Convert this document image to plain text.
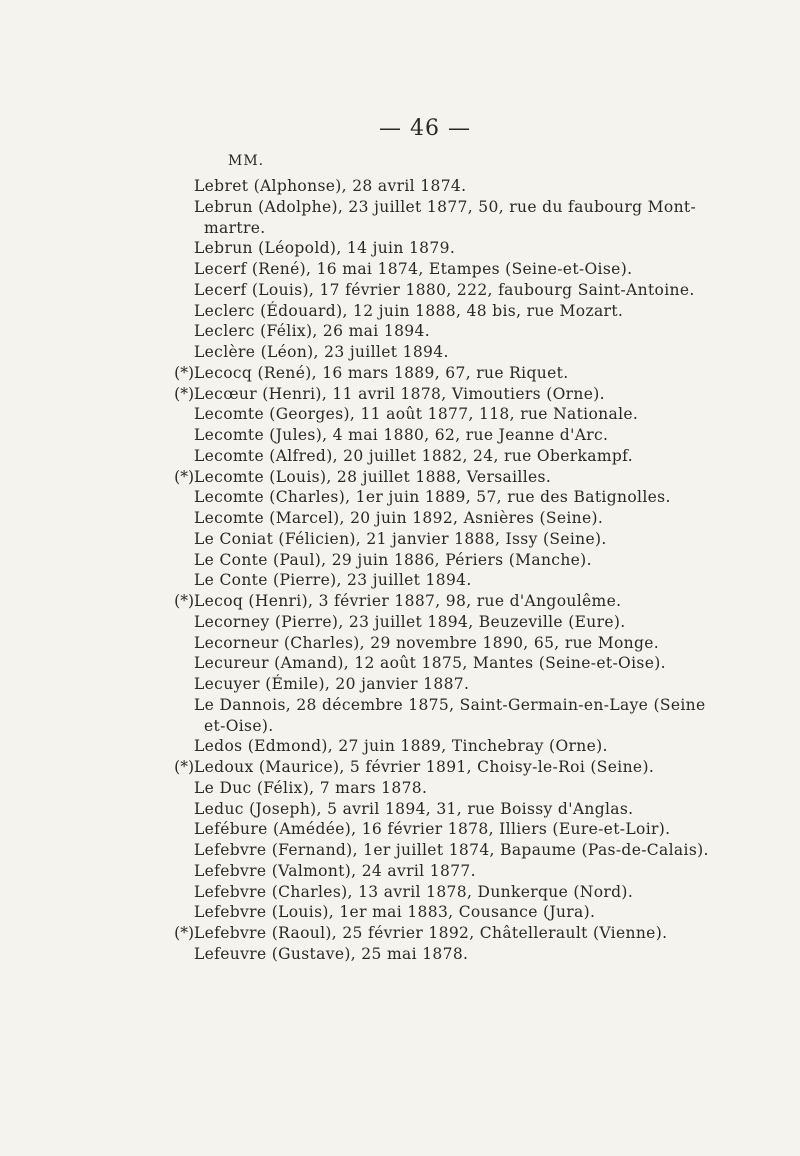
— 46 —
MM.
Lebret (Alphonse), 28 avril 1874.
Lebrun (Adolphe), 23 juillet 1877, 50, rue du faubourg Mont-
martre.
Lebrun (Léopold), 14 juin 1879.
Lecerf (René), 16 mai 1874, Etampes (Seine-et-Oise).
Lecerf (Louis), 17 février 1880, 222, faubourg Saint-Antoine.
Leclerc (Édouard), 12 juin 1888, 48 bis, rue Mozart.
Leclerc (Félix), 26 mai 1894.
Leclère (Léon), 23 juillet 1894.
(*) Lecocq (René), 16 mars 1889, 67, rue Riquet.
(*) Lecœur (Henri), 11 avril 1878, Vimoutiers (Orne).
Lecomte (Georges), 11 août 1877, 118, rue Nationale.
Lecomte (Jules), 4 mai 1880, 62, rue Jeanne d'Arc.
Lecomte (Alfred), 20 juillet 1882, 24, rue Oberkampf.
(*) Lecomte (Louis), 28 juillet 1888, Versailles.
Lecomte (Charles), 1er juin 1889, 57, rue des Batignolles.
Lecomte (Marcel), 20 juin 1892, Asnières (Seine).
Le Coniat (Félicien), 21 janvier 1888, Issy (Seine).
Le Conte (Paul), 29 juin 1886, Périers (Manche).
Le Conte (Pierre), 23 juillet 1894.
(*) Lecoq (Henri), 3 février 1887, 98, rue d'Angoulême.
Lecorney (Pierre), 23 juillet 1894, Beuzeville (Eure).
Lecorneur (Charles), 29 novembre 1890, 65, rue Monge.
Lecureur (Amand), 12 août 1875, Mantes (Seine-et-Oise).
Lecuyer (Émile), 20 janvier 1887.
Le Dannois, 28 décembre 1875, Saint-Germain-en-Laye (Seine
et-Oise).
Ledos (Edmond), 27 juin 1889, Tinchebray (Orne).
(*) Ledoux (Maurice), 5 février 1891, Choisy-le-Roi (Seine).
Le Duc (Félix), 7 mars 1878.
Leduc (Joseph), 5 avril 1894, 31, rue Boissy d'Anglas.
Lefébure (Amédée), 16 février 1878, Illiers (Eure-et-Loir).
Lefebvre (Fernand), 1er juillet 1874, Bapaume (Pas-de-Calais).
Lefebvre (Valmont), 24 avril 1877.
Lefebvre (Charles), 13 avril 1878, Dunkerque (Nord).
Lefebvre (Louis), 1er mai 1883, Cousance (Jura).
(*) Lefebvre (Raoul), 25 février 1892, Châtellerault (Vienne).
Lefeuvre (Gustave), 25 mai 1878.
